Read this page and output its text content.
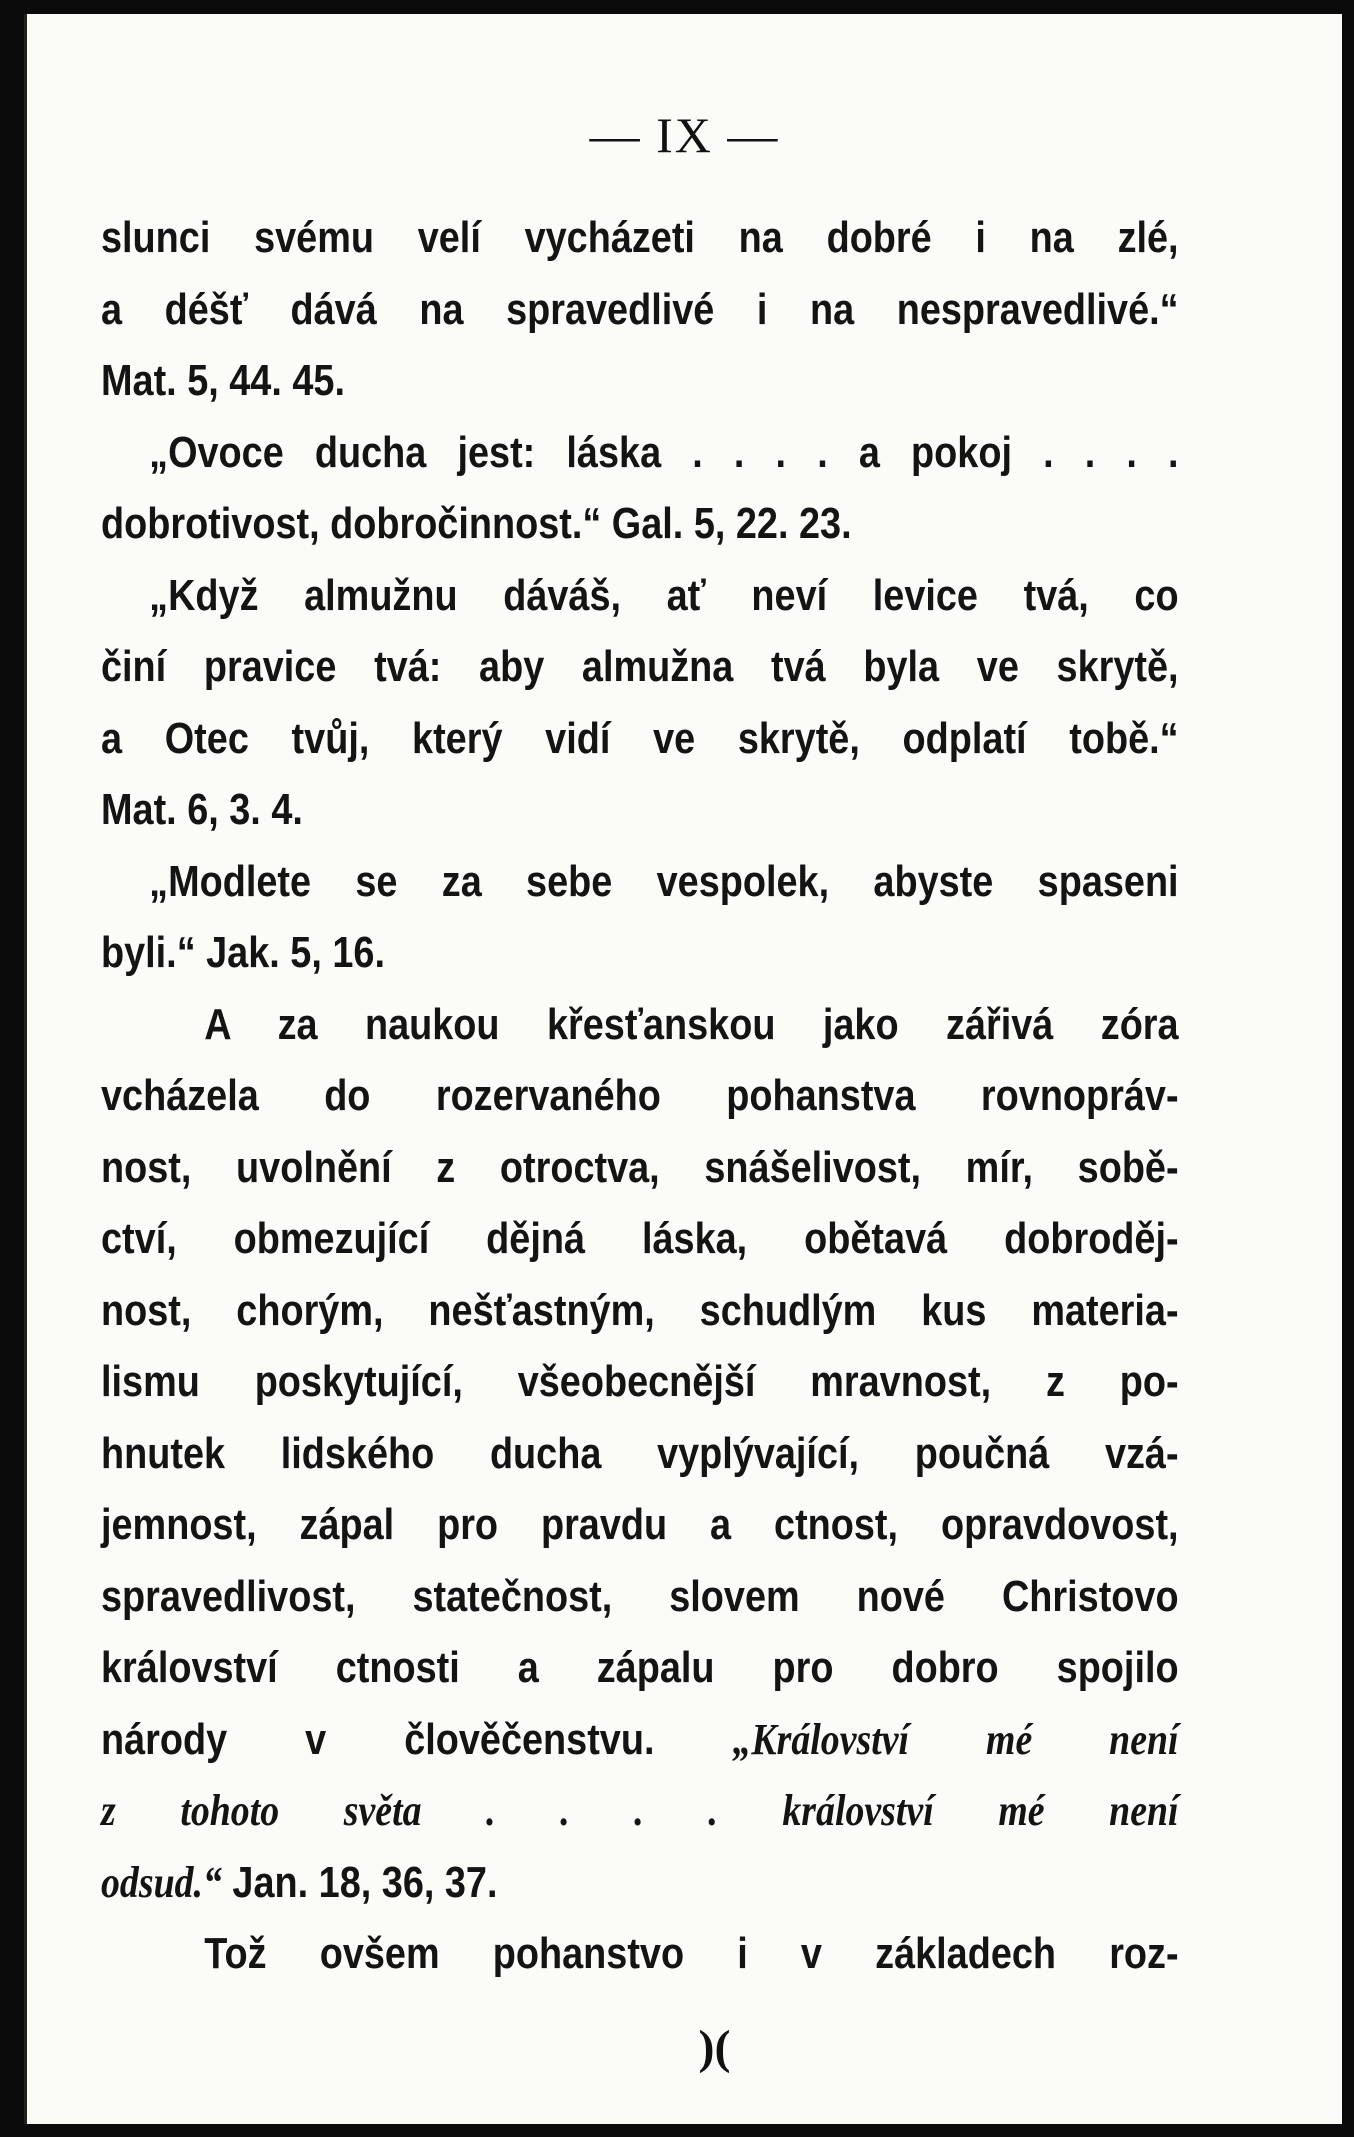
— IX —
slunci svému velí vycházeti na dobré i na zlé,
a déšť dává na spravedlivé i na nespravedlivé.“
Mat. 5, 44. 45.
„Ovoce ducha jest: láska . . . . a pokoj . . . .
dobrotivost, dobročinnost.“ Gal. 5, 22. 23.
„Když almužnu dáváš, ať neví levice tvá, co
činí pravice tvá: aby almužna tvá byla ve skrytě,
a Otec tvůj, který vidí ve skrytě, odplatí tobě.“
Mat. 6, 3. 4.
„Modlete se za sebe vespolek, abyste spaseni
byli.“ Jak. 5, 16.
A za naukou křesťanskou jako zářivá zóra
vcházela do rozervaného pohanstva rovnopráv-
nost, uvolnění z otroctva, snášelivost, mír, sobě-
ctví, obmezující dějná láska, obětavá dobroděj-
nost, chorým, nešťastným, schudlým kus materia-
lismu poskytující, všeobecnější mravnost, z po-
hnutek lidského ducha vyplývající, poučná vzá-
jemnost, zápal pro pravdu a ctnost, opravdovost,
spravedlivost, statečnost, slovem nové Christovo
království ctnosti a zápalu pro dobro spojilo
národy v člověčenstvu. „Království mé není
z tohoto světa . . . . království mé není
odsud.“ Jan. 18, 36, 37.
Tož ovšem pohanstvo i v základech roz-
)(
